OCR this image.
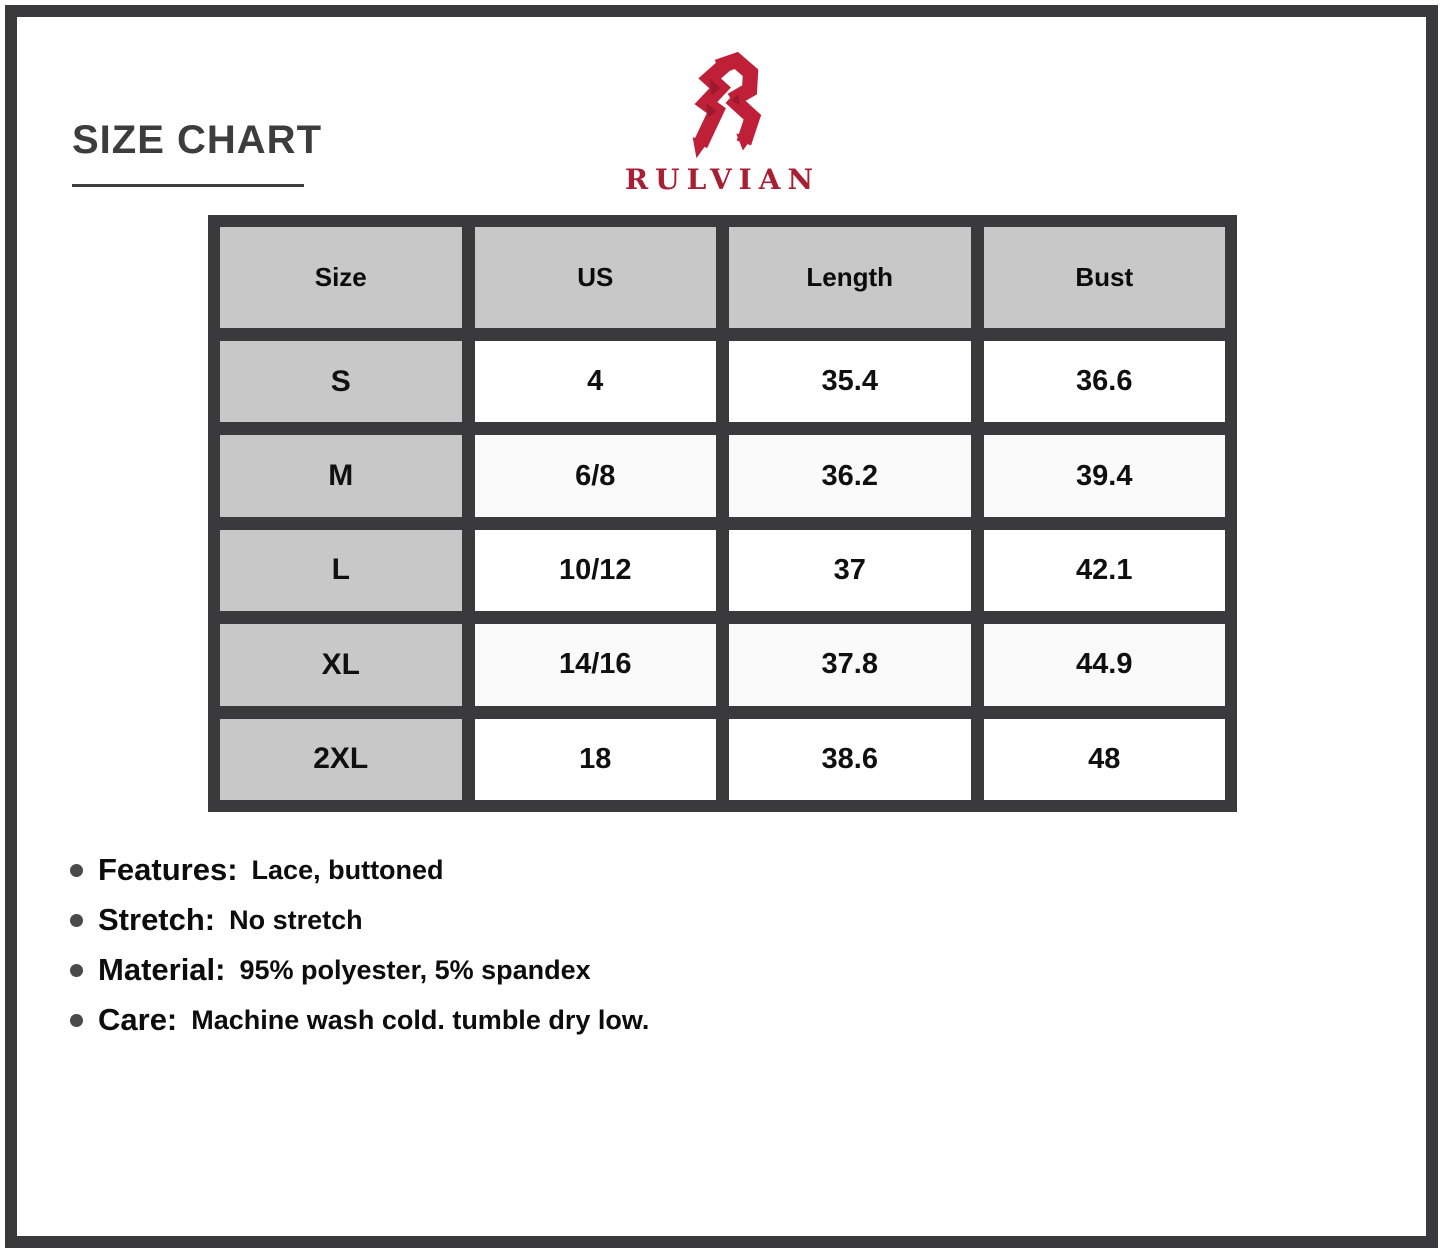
SIZE CHART
RULVIAN
Size	US	Length	Bust
S	4	35.4	36.6
M	6/8	36.2	39.4
L	10/12	37	42.1
XL	14/16	37.8	44.9
2XL	18	38.6	48
Features: Lace, buttoned
Stretch: No stretch
Material: 95% polyester, 5% spandex
Care: Machine wash cold. tumble dry low.
